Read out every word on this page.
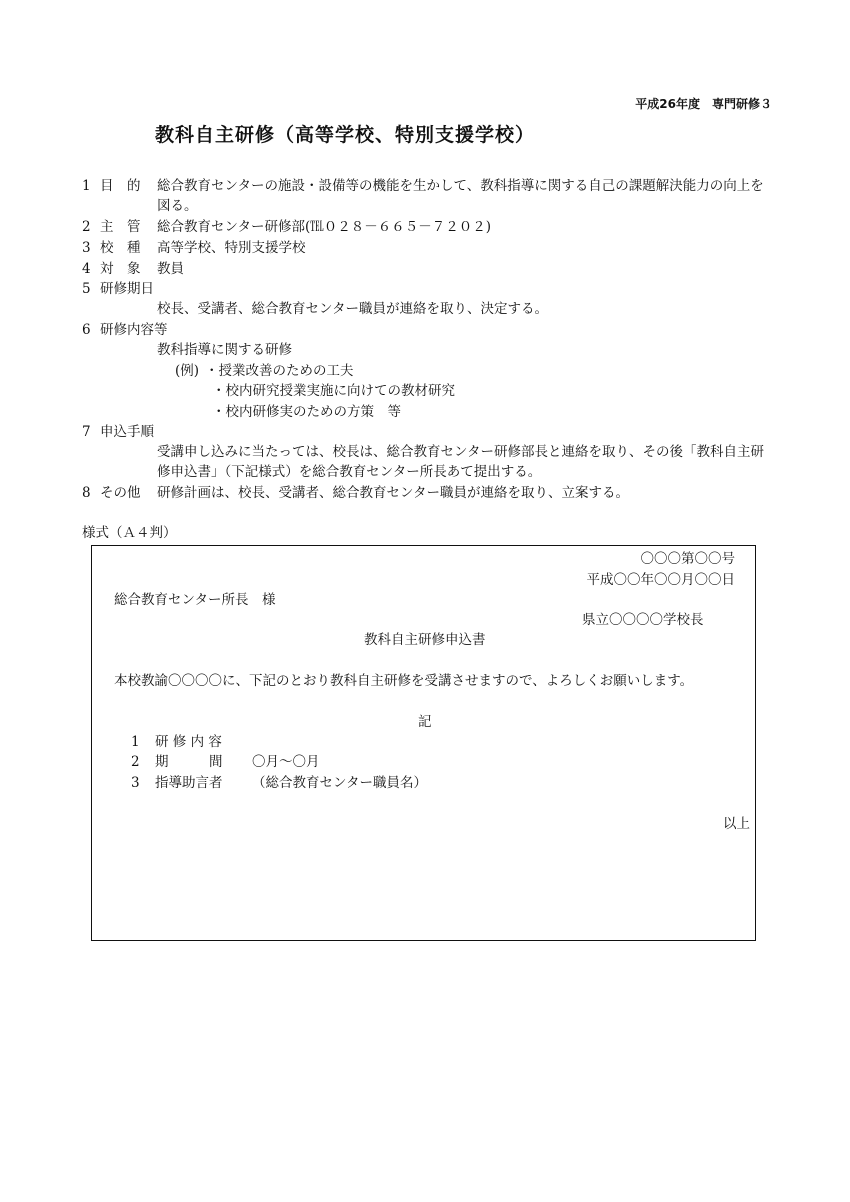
平成26年度　専門研修３
教科自主研修（高等学校、特別支援学校）
1 目　的 総合教育センターの施設・設備等の機能を生かして、教科指導に関する自己の課題解決能力の向上を
図る。
2 主　管 総合教育センター研修部(℡０２８－６６５－７２０２)
3 校　種 高等学校、特別支援学校
4 対　象 教員
5 研修期日
校長、受講者、総合教育センター職員が連絡を取り、決定する。
6 研修内容等
教科指導に関する研修
(例) ・授業改善のための工夫
・校内研究授業実施に向けての教材研究
・校内研修実のための方策　等
7 申込手順
受講申し込みに当たっては、校長は、総合教育センター研修部長と連絡を取り、その後「教科自主研
修申込書」（下記様式）を総合教育センター所長あて提出する。
8 その他 研修計画は、校長、受講者、総合教育センター職員が連絡を取り、立案する。
様式（Ａ４判）
〇〇〇第〇〇号
平成〇〇年〇〇月〇〇日
総合教育センター所長　様
県立〇〇〇〇学校長
教科自主研修申込書
本校教諭〇〇〇〇に、下記のとおり教科自主研修を受講させますので、よろしくお願いします。
記
1 研 修 内 容
2 期　　　間 〇月～〇月
3 指導助言者 （総合教育センター職員名）
以上
